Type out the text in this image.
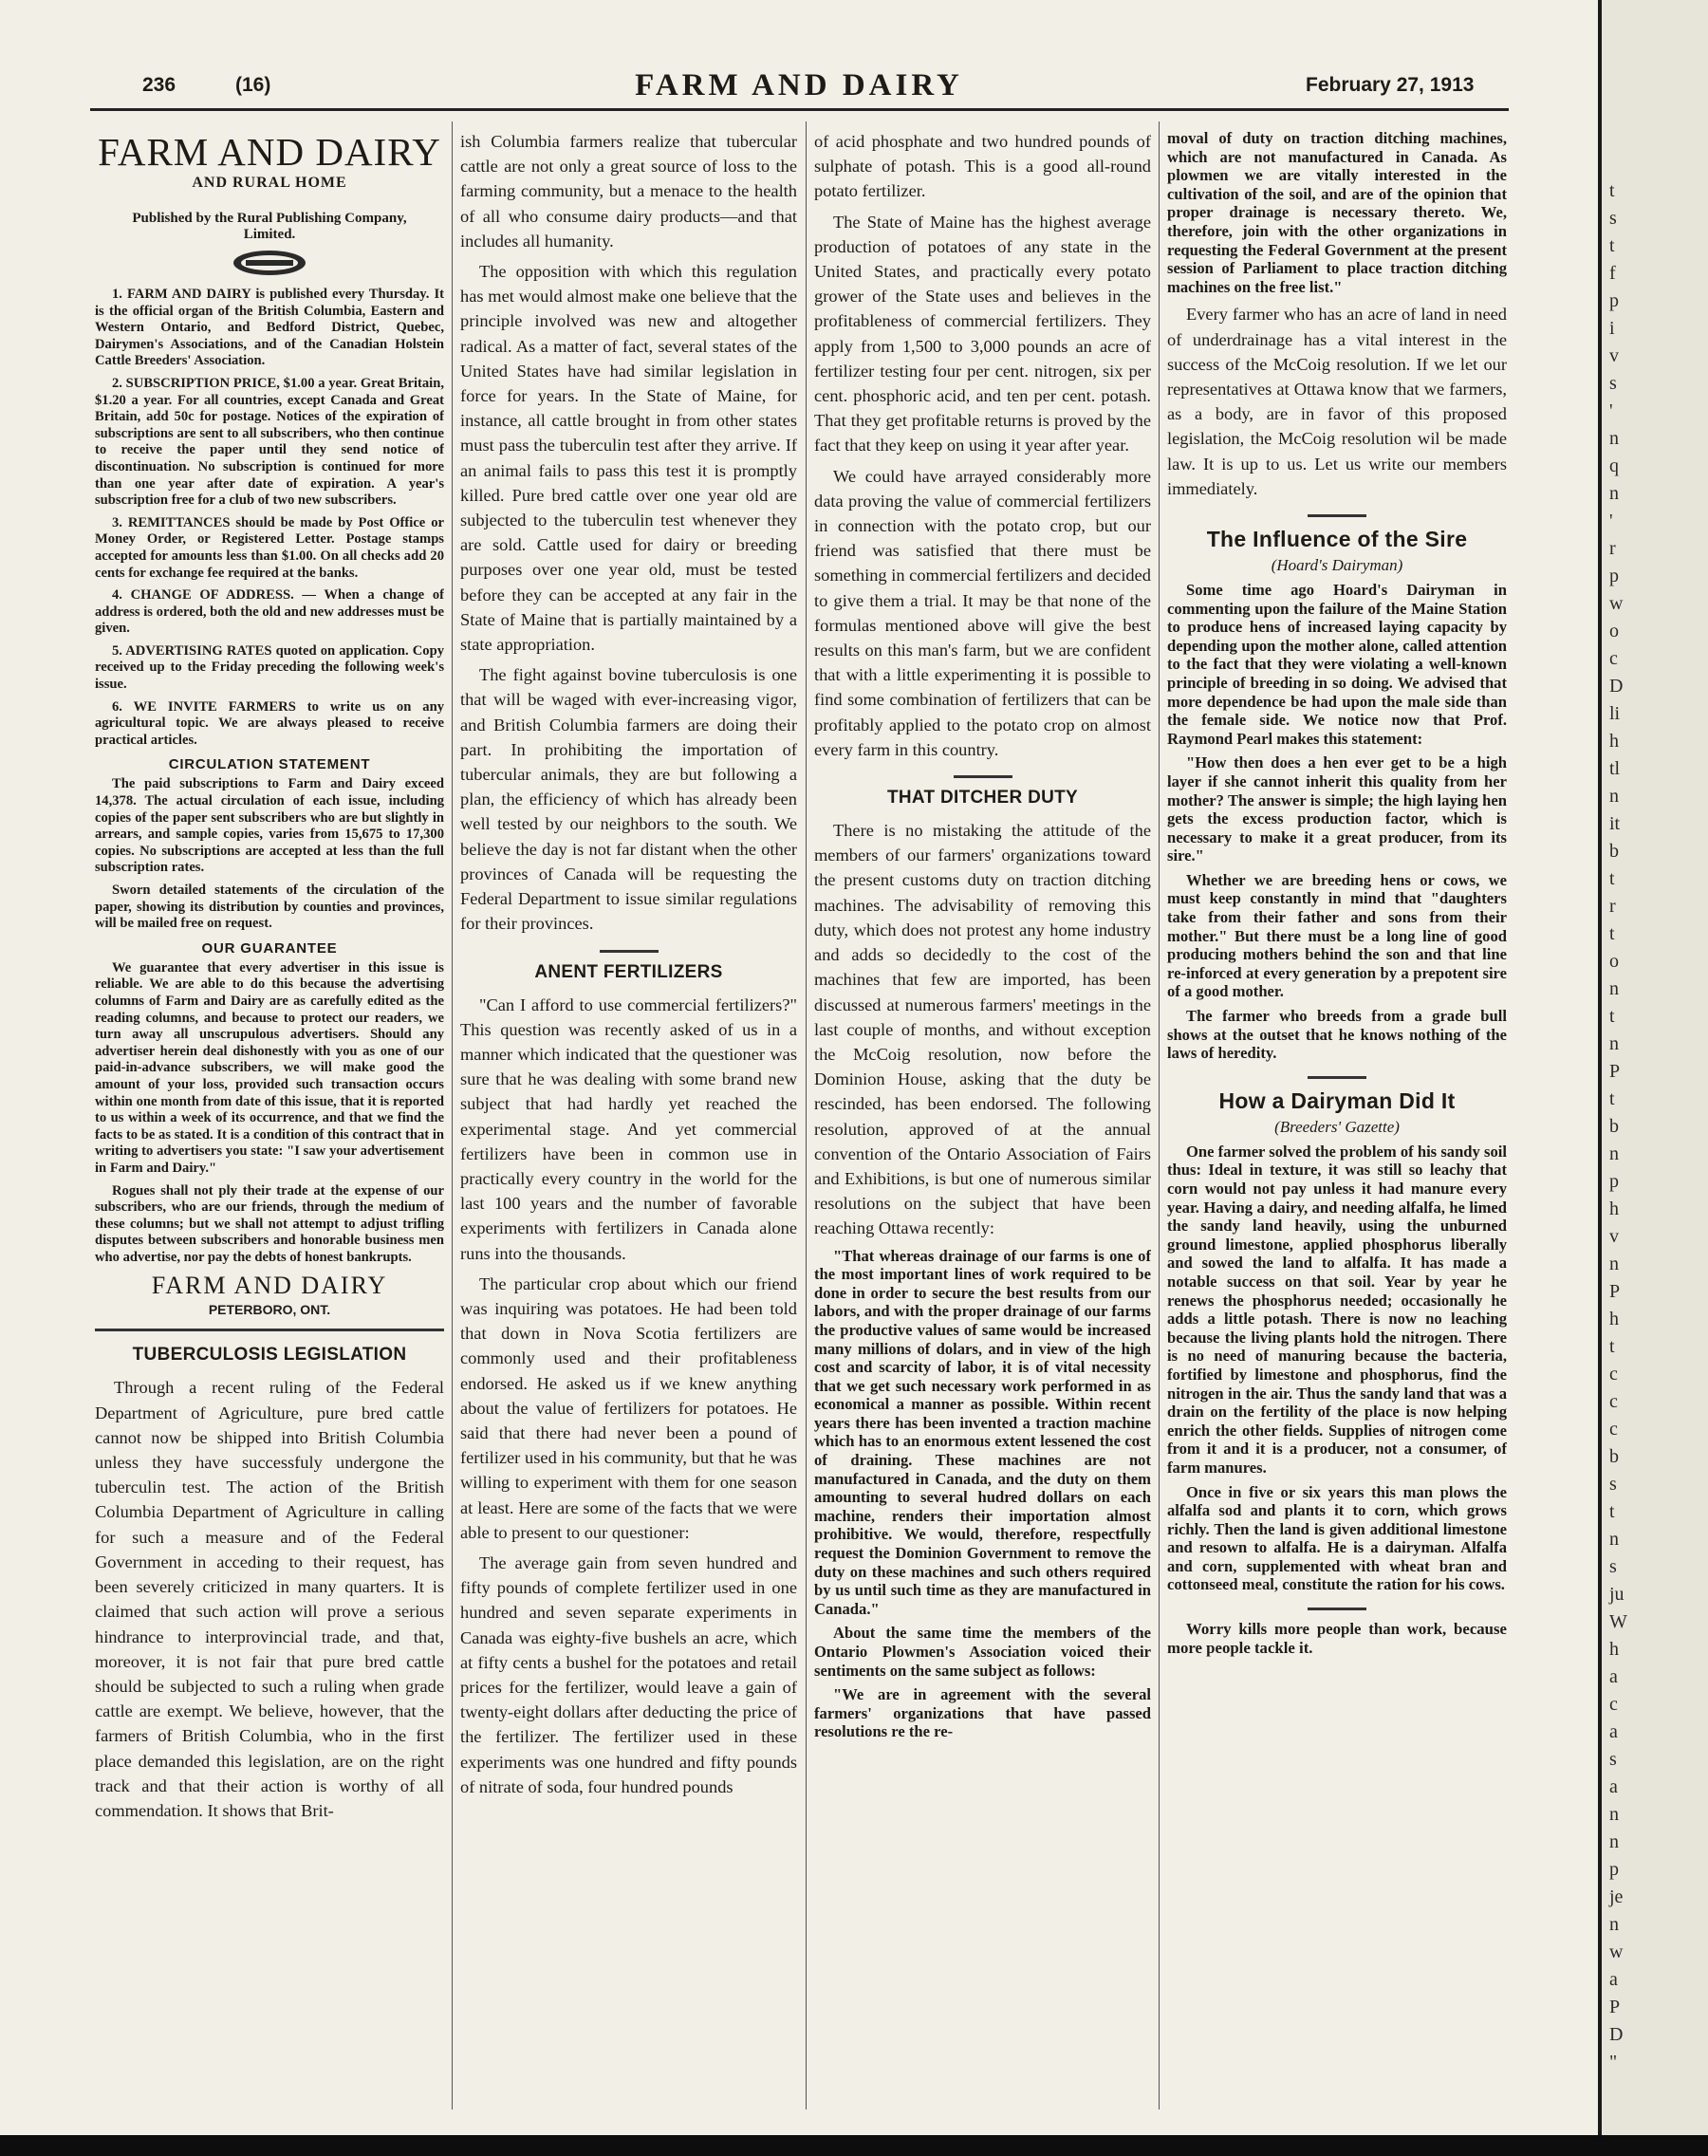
236	(16)	FARM AND DAIRY	February 27, 1913
FARM AND DAIRY
AND RURAL HOME
Published by the Rural Publishing Company, Limited.

1. FARM AND DAIRY is published every Thursday. It is the official organ of the British Columbia, Eastern and Western Ontario, and Bedford District, Quebec, Dairymen's Associations, and of the Canadian Holstein Cattle Breeders' Association.

2. SUBSCRIPTION PRICE, $1.00 a year. Great Britain, $1.20 a year. For all countries, except Canada and Great Britain, add 50c for postage. Notices of the expiration of subscriptions are sent to all subscribers, who then continue to receive the paper until they send notice of discontinuation. No subscription is continued for more than one year after date of expiration. A year's subscription free for a club of two new subscribers.

3. REMITTANCES should be made by Post Office or Money Order, or Registered Letter. Postage stamps accepted for amounts less than $1.00. On all checks add 20 cents for exchange fee required at the banks.

4. CHANGE OF ADDRESS. — When a change of address is ordered, both the old and new addresses must be given.

5. ADVERTISING RATES quoted on application. Copy received up to the Friday preceding the following week's issue.

6. WE INVITE FARMERS to write us on any agricultural topic. We are always pleased to receive practical articles.

CIRCULATION STATEMENT

The paid subscriptions to Farm and Dairy exceed 14,378. The actual circulation of each issue, including copies of the paper sent subscribers who are but slightly in arrears, and sample copies, varies from 15,675 to 17,300 copies. No subscriptions are accepted at less than the full subscription rates.

Sworn detailed statements of the circulation of the paper, showing its distribution by counties and provinces, will be mailed free on request.

OUR GUARANTEE

We guarantee that every advertiser in this issue is reliable. We are able to do this because the advertising columns of Farm and Dairy are as carefully edited as the reading columns, and because to protect our readers, we turn away all unscrupulous advertisers. Should any advertiser herein deal dishonestly with you as one of our paid-in-advance subscribers, we will make good the amount of your loss, provided such transaction occurs within one month from date of this issue, that it is reported to us within a week of its occurrence, and that we find the facts to be as stated. It is a condition of this contract that in writing to advertisers you state: "I saw your advertisement in Farm and Dairy."

Rogues shall not ply their trade at the expense of our subscribers, who are our friends, through the medium of these columns; but we shall not attempt to adjust trifling disputes between subscribers and honorable business men who advertise, nor pay the debts of honest bankrupts.

FARM AND DAIRY
PETERBORO, ONT.
TUBERCULOSIS LEGISLATION

Through a recent ruling of the Federal Department of Agriculture, pure bred cattle cannot now be shipped into British Columbia unless they have successfuly undergone the tuberculin test. The action of the British Columbia Department of Agriculture in calling for such a measure and of the Federal Government in acceding to their request, has been severely criticized in many quarters. It is claimed that such action will prove a serious hindrance to interprovincial trade, and that, moreover, it is not fair that pure bred cattle should be subjected to such a ruling when grade cattle are exempt. We believe, however, that the farmers of British Columbia, who in the first place demanded this legislation, are on the right track and that their action is worthy of all commendation. It shows that Brit-

ish Columbia farmers realize that tubercular cattle are not only a great source of loss to the farming community, but a menace to the health of all who consume dairy products—and that includes all humanity.

The opposition with which this regulation has met would almost make one believe that the principle involved was new and altogether radical. As a matter of fact, several states of the United States have had similar legislation in force for years. In the State of Maine, for instance, all cattle brought in from other states must pass the tuberculin test after they arrive. If an animal fails to pass this test it is promptly killed. Pure bred cattle over one year old are subjected to the tuberculin test whenever they are sold. Cattle used for dairy or breeding purposes over one year old, must be tested before they can be accepted at any fair in the State of Maine that is partially maintained by a state appropriation.

The fight against bovine tuberculosis is one that will be waged with ever-increasing vigor, and British Columbia farmers are doing their part. In prohibiting the importation of tubercular animals, they are but following a plan, the efficiency of which has already been well tested by our neighbors to the south. We believe the day is not far distant when the other provinces of Canada will be requesting the Federal Department to issue similar regulations for their provinces.

ANENT FERTILIZERS

"Can I afford to use commercial fertilizers?" This question was recently asked of us in a manner which indicated that the questioner was sure that he was dealing with some brand new subject that had hardly yet reached the experimental stage. And yet commercial fertilizers have been in common use in practically every country in the world for the last 100 years and the number of favorable experiments with fertilizers in Canada alone runs into the thousands.

The particular crop about which our friend was inquiring was potatoes. He had been told that down in Nova Scotia fertilizers are commonly used and their profitableness endorsed. He asked us if we knew anything about the value of fertilizers for potatoes. He said that there had never been a pound of fertilizer used in his community, but that he was willing to experiment with them for one season at least. Here are some of the facts that we were able to present to our questioner:

The average gain from seven hundred and fifty pounds of complete fertilizer used in one hundred and seven separate experiments in Canada was eighty-five bushels an acre, which at fifty cents a bushel for the potatoes and retail prices for the fertilizer, would leave a gain of twenty-eight dollars after deducting the price of the fertilizer. The fertilizer used in these experiments was one hundred and fifty pounds of nitrate of soda, four hundred pounds

of acid phosphate and two hundred pounds of sulphate of potash. This is a good all-round potato fertilizer.

The State of Maine has the highest average production of potatoes of any state in the United States, and practically every potato grower of the State uses and believes in the profitableness of commercial fertilizers. They apply from 1,500 to 3,000 pounds an acre of fertilizer testing four per cent. nitrogen, six per cent. phosphoric acid, and ten per cent. potash. That they get profitable returns is proved by the fact that they keep on using it year after year.

We could have arrayed considerably more data proving the value of commercial fertilizers in connection with the potato crop, but our friend was satisfied that there must be something in commercial fertilizers and decided to give them a trial. It may be that none of the formulas mentioned above will give the best results on this man's farm, but we are confident that with a little experimenting it is possible to find some combination of fertilizers that can be profitably applied to the potato crop on almost every farm in this country.

THAT DITCHER DUTY

There is no mistaking the attitude of the members of our farmers' organizations toward the present customs duty on traction ditching machines. The advisability of removing this duty, which does not protest any home industry and adds so decidedly to the cost of the machines that few are imported, has been discussed at numerous farmers' meetings in the last couple of months, and without exception the McCoig resolution, now before the Dominion House, asking that the duty be rescinded, has been endorsed. The following resolution, approved of at the annual convention of the Ontario Association of Fairs and Exhibitions, is but one of numerous similar resolutions on the subject that have been reaching Ottawa recently:

"That whereas drainage of our farms is one of the most important lines of work required to be done in order to secure the best results from our labors, and with the proper drainage of our farms the productive values of same would be increased many millions of dolars, and in view of the high cost and scarcity of labor, it is of vital necessity that we get such necessary work performed in as economical a manner as possible. Within recent years there has been invented a traction machine which has to an enormous extent lessened the cost of draining. These machines are not manufactured in Canada, and the duty on them amounting to several hudred dollars on each machine, renders their importation almost prohibitive. We would, therefore, respectfully request the Dominion Government to remove the duty on these machines and such others required by us until such time as they are manufactured in Canada."

About the same time the members of the Ontario Plowmen's Association voiced their sentiments on the same subject as follows:

"We are in agreement with the several farmers' organizations that have passed resolutions re the re-

moval of duty on traction ditching machines, which are not manufactured in Canada. As plowmen we are vitally interested in the cultivation of the soil, and are of the opinion that proper drainage is necessary thereto. We, therefore, join with the other organizations in requesting the Federal Government at the present session of Parliament to place traction ditching machines on the free list."

Every farmer who has an acre of land in need of underdrainage has a vital interest in the success of the McCoig resolution. If we let our representatives at Ottawa know that we farmers, as a body, are in favor of this proposed legislation, the McCoig resolution wil be made law. It is up to us. Let us write our members immediately.

The Influence of the Sire
(Hoard's Dairyman)

Some time ago Hoard's Dairyman in commenting upon the failure of the Maine Station to produce hens of increased laying capacity by depending upon the mother alone, called attention to the fact that they were violating a well-known principle of breeding in so doing. We advised that more dependence be had upon the male side than the female side. We notice now that Prof. Raymond Pearl makes this statement:

"How then does a hen ever get to be a high layer if she cannot inherit this quality from her mother? The answer is simple; the high laying hen gets the excess production factor, which is necessary to make it a great producer, from its sire."

Whether we are breeding hens or cows, we must keep constantly in mind that "daughters take from their father and sons from their mother." But there must be a long line of good producing mothers behind the son and that line re-inforced at every generation by a prepotent sire of a good mother.

The farmer who breeds from a grade bull shows at the outset that he knows nothing of the laws of heredity.

How a Dairyman Did It
(Breeders' Gazette)

One farmer solved the problem of his sandy soil thus: Ideal in texture, it was still so leachy that corn would not pay unless it had manure every year. Having a dairy, and needing alfalfa, he limed the sandy land heavily, using the unburned ground limestone, applied phosphorus liberally and sowed the land to alfalfa. It has made a notable success on that soil. Year by year he renews the phosphorus needed; occasionally he adds a little potash. There is now no leaching because the living plants hold the nitrogen. There is no need of manuring because the bacteria, fortified by limestone and phosphorus, find the nitrogen in the air. Thus the sandy land that was a drain on the fertility of the place is now helping enrich the other fields. Supplies of nitrogen come from it and it is a producer, not a consumer, of farm manures.

Once in five or six years this man plows the alfalfa sod and plants it to corn, which grows richly. Then the land is given additional limestone and resown to alfalfa. He is a dairyman. Alfalfa and corn, supplemented with wheat bran and cottonseed meal, constitute the ration for his cows.

Worry kills more people than work, because more people tackle it.

t
s
t
f
p
i
v
s
'
n
q
n
'
r
p
w
o
c
D
li
h
tl
n
it
b
t
r
t
o
n
t
n
P
t
b
n
p
h
v
n
P
h
t
c
c
c
b
s
t
n
s
ju
W
h
a
c
a
s
a
n
n
p
je
n
w
a
P
D
"
